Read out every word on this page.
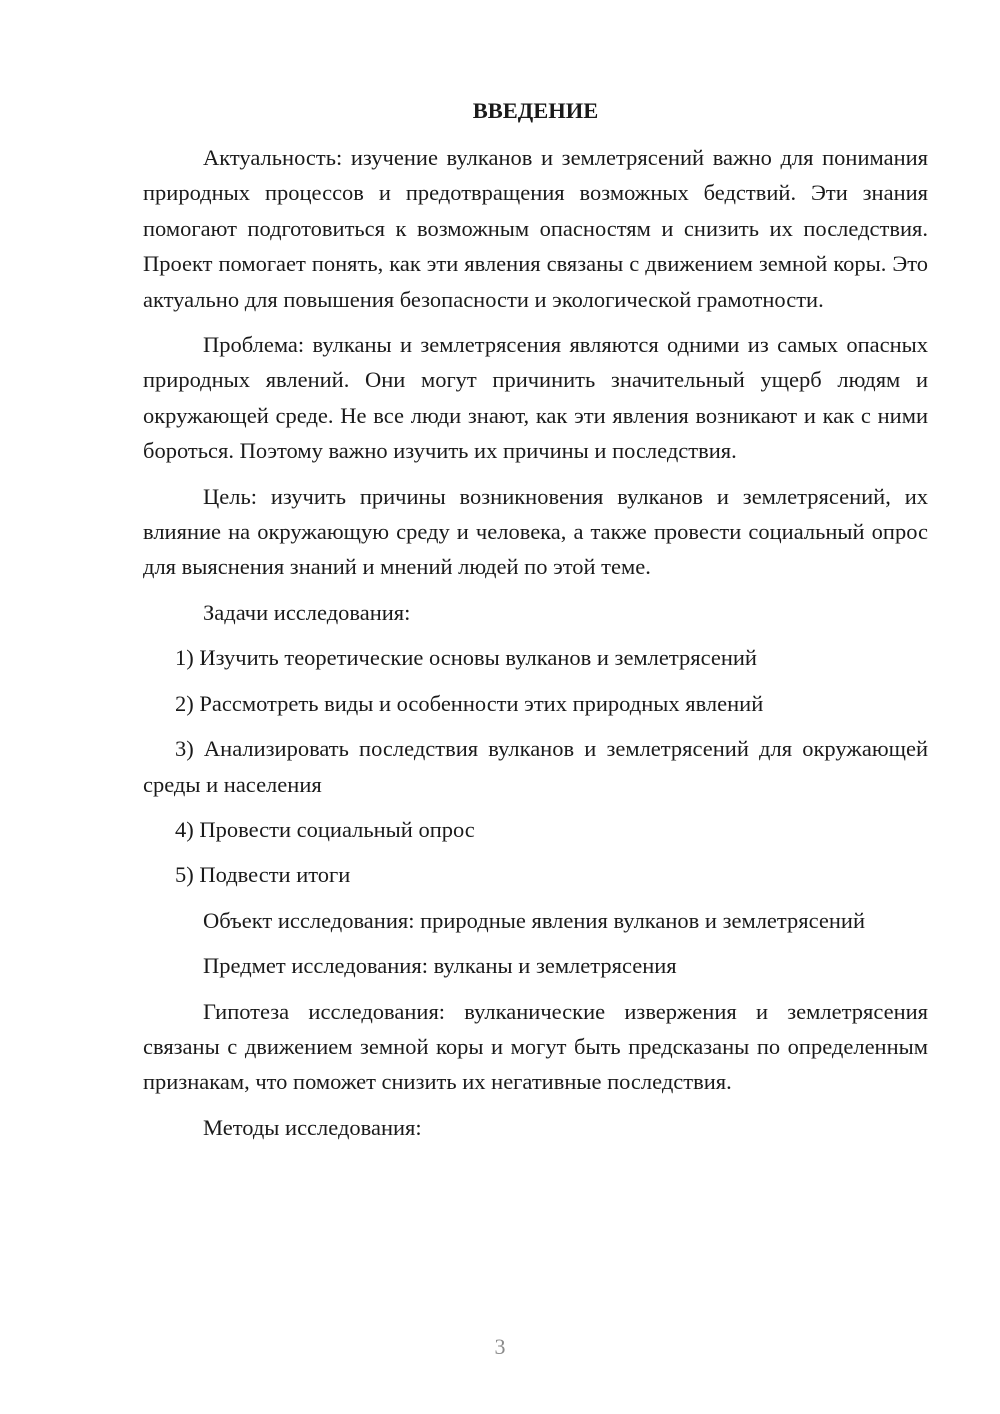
ВВЕДЕНИЕ

Актуальность: изучение вулканов и землетрясений важно для понимания природных процессов и предотвращения возможных бедствий. Эти знания помогают подготовиться к возможным опасностям и снизить их последствия. Проект помогает понять, как эти явления связаны с движением земной коры. Это актуально для повышения безопасности и экологической грамотности.

Проблема: вулканы и землетрясения являются одними из самых опасных природных явлений. Они могут причинить значительный ущерб людям и окружающей среде. Не все люди знают, как эти явления возникают и как с ними бороться. Поэтому важно изучить их причины и последствия.

Цель: изучить причины возникновения вулканов и землетрясений, их влияние на окружающую среду и человека, а также провести социальный опрос для выяснения знаний и мнений людей по этой теме.

Задачи исследования:

1) Изучить теоретические основы вулканов и землетрясений

2) Рассмотреть виды и особенности этих природных явлений

3) Анализировать последствия вулканов и землетрясений для окружающей среды и населения

4) Провести социальный опрос

5) Подвести итоги

Объект исследования: природные явления вулканов и землетрясений

Предмет исследования: вулканы и землетрясения

Гипотеза исследования: вулканические извержения и землетрясения связаны с движением земной коры и могут быть предсказаны по определенным признакам, что поможет снизить их негативные последствия.

Методы исследования:

3
